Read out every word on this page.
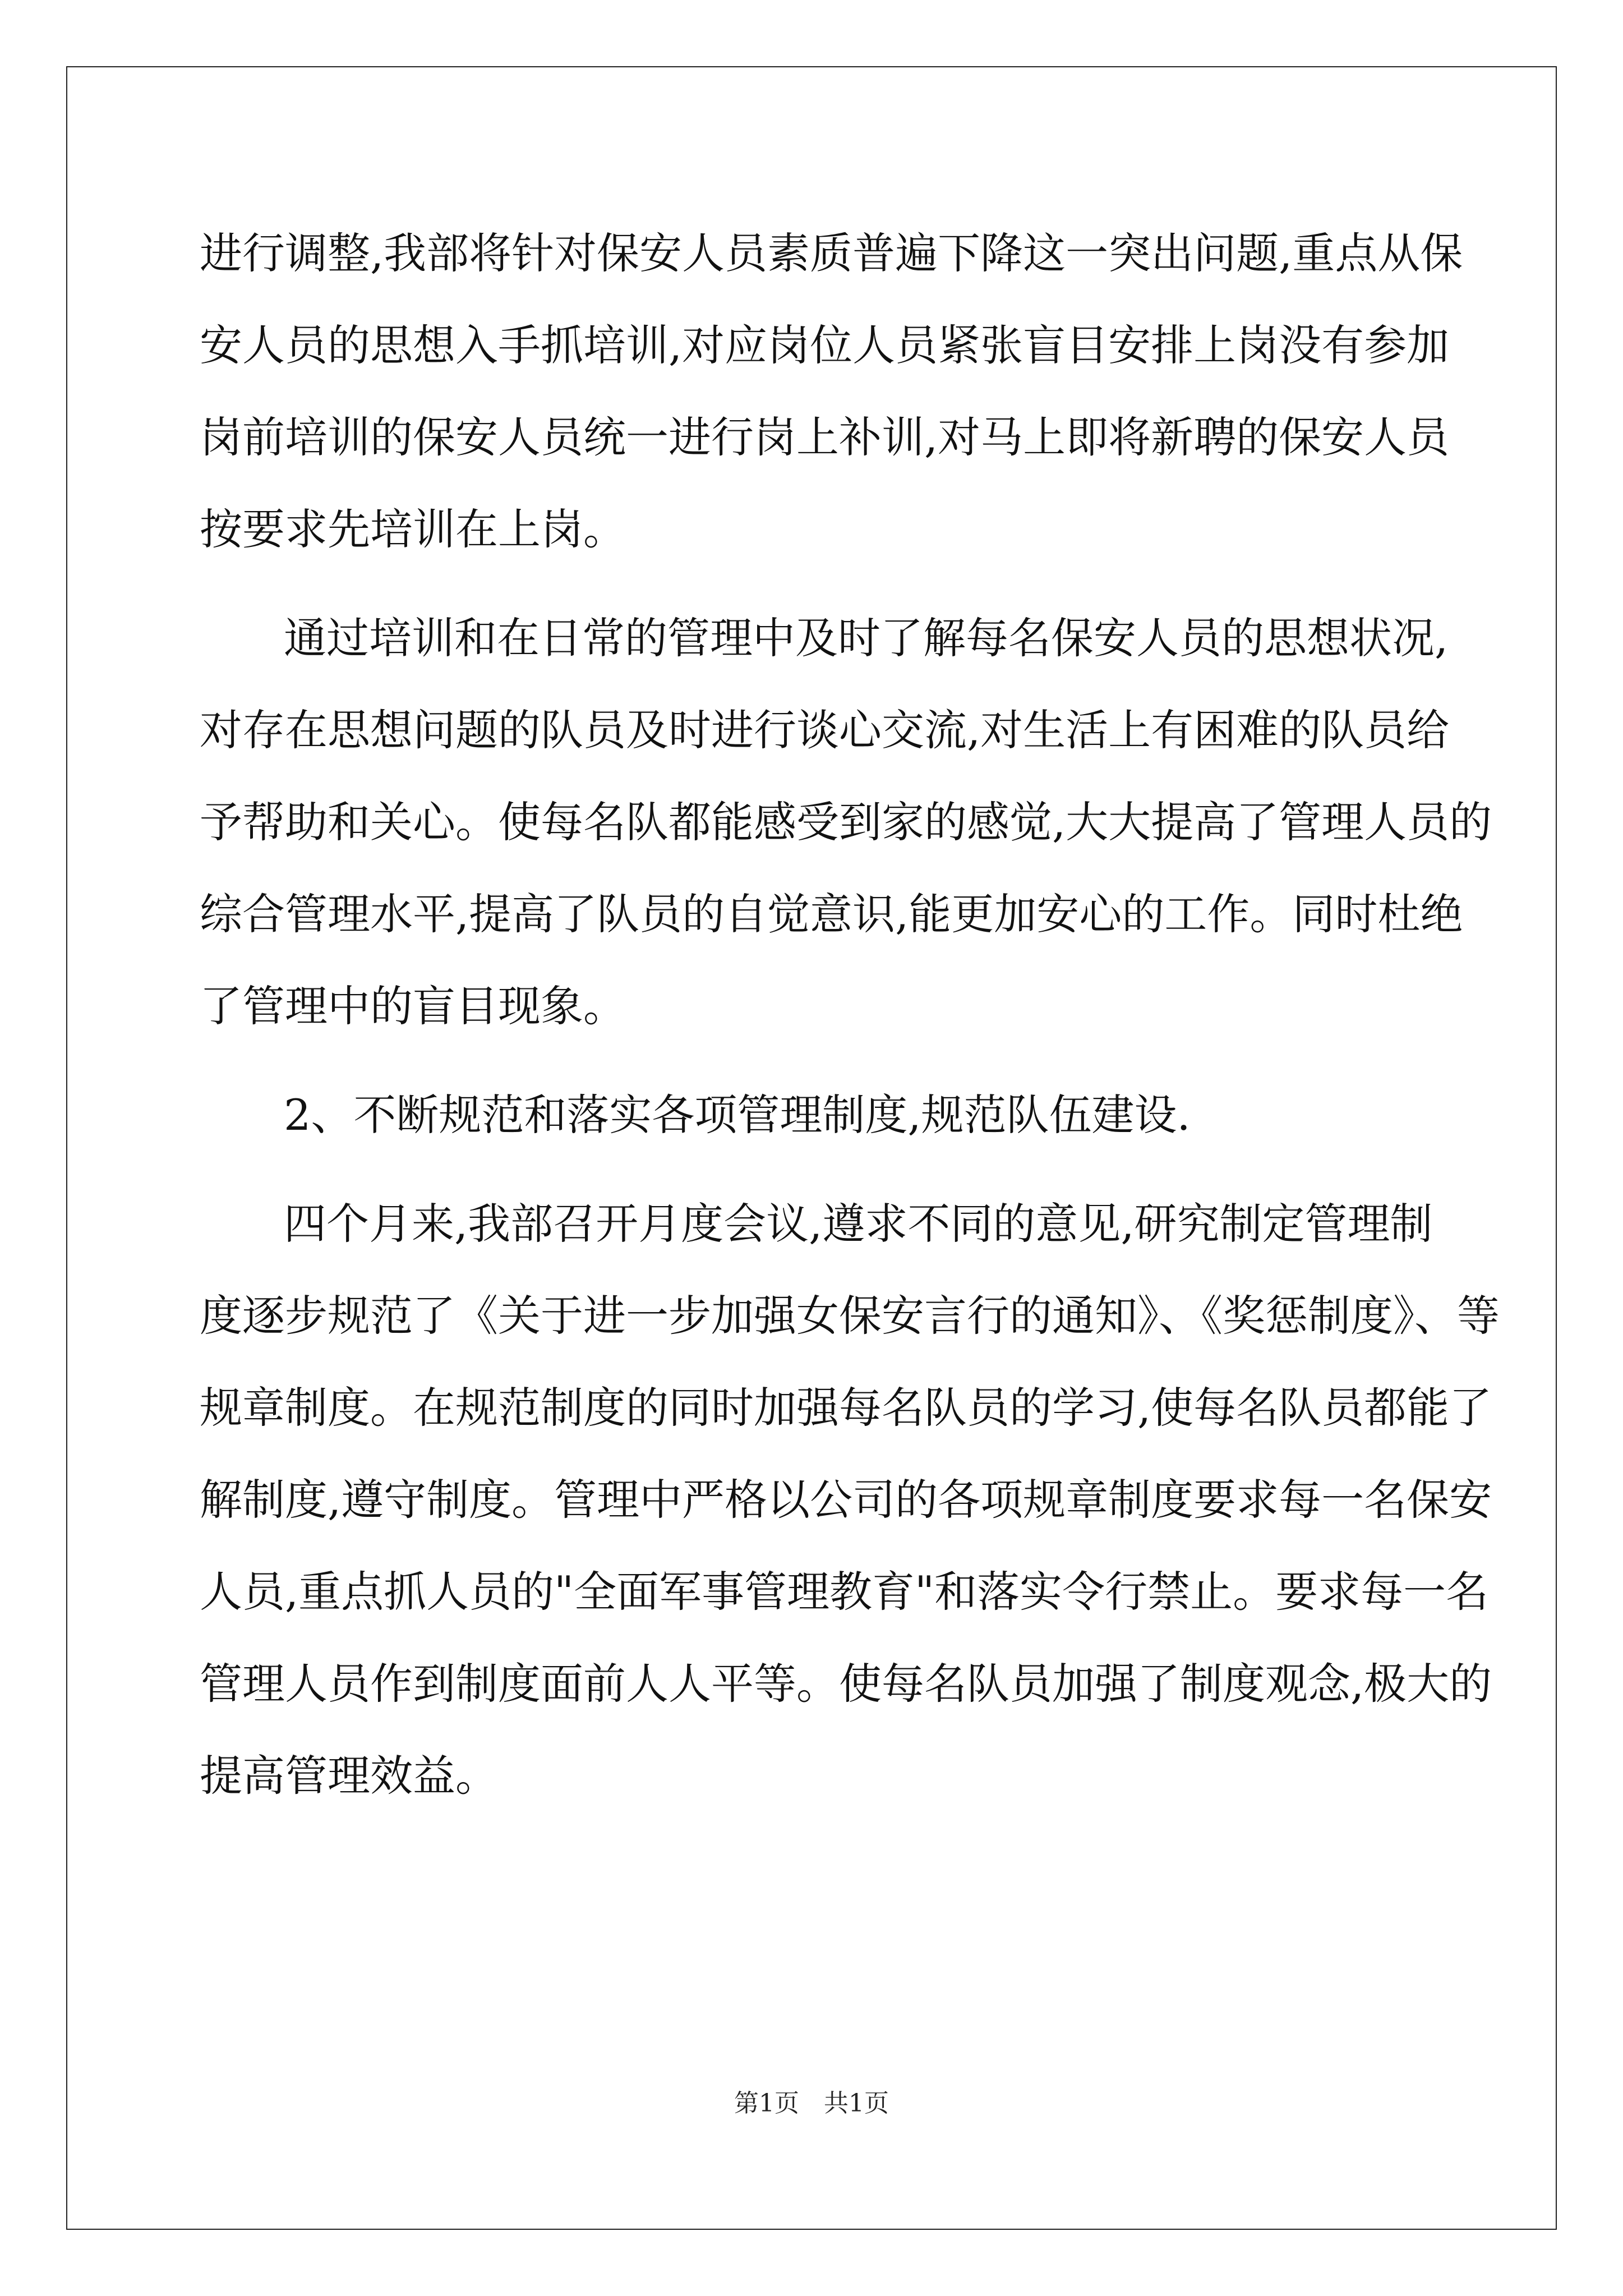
进行调整,我部将针对保安人员素质普遍下降这一突出问题,重点从保
安人员的思想入手抓培训,对应岗位人员紧张盲目安排上岗没有参加
岗前培训的保安人员统一进行岗上补训,对马上即将新聘的保安人员
按要求先培训在上岗。
通过培训和在日常的管理中及时了解每名保安人员的思想状况,
对存在思想问题的队员及时进行谈心交流,对生活上有困难的队员给
予帮助和关心。使每名队都能感受到家的感觉,大大提高了管理人员的
综合管理水平,提高了队员的自觉意识,能更加安心的工作。同时杜绝
了管理中的盲目现象。
2、不断规范和落实各项管理制度,规范队伍建设.
四个月来,我部召开月度会议,遵求不同的意见,研究制定管理制
度逐步规范了《关于进一步加强女保安言行的通知》、《奖惩制度》、等
规章制度。在规范制度的同时加强每名队员的学习,使每名队员都能了
解制度,遵守制度。管理中严格以公司的各项规章制度要求每一名保安
人员,重点抓人员的"全面军事管理教育"和落实令行禁止。要求每一名
管理人员作到制度面前人人平等。使每名队员加强了制度观念,极大的
提高管理效益。
第1页　共1页
